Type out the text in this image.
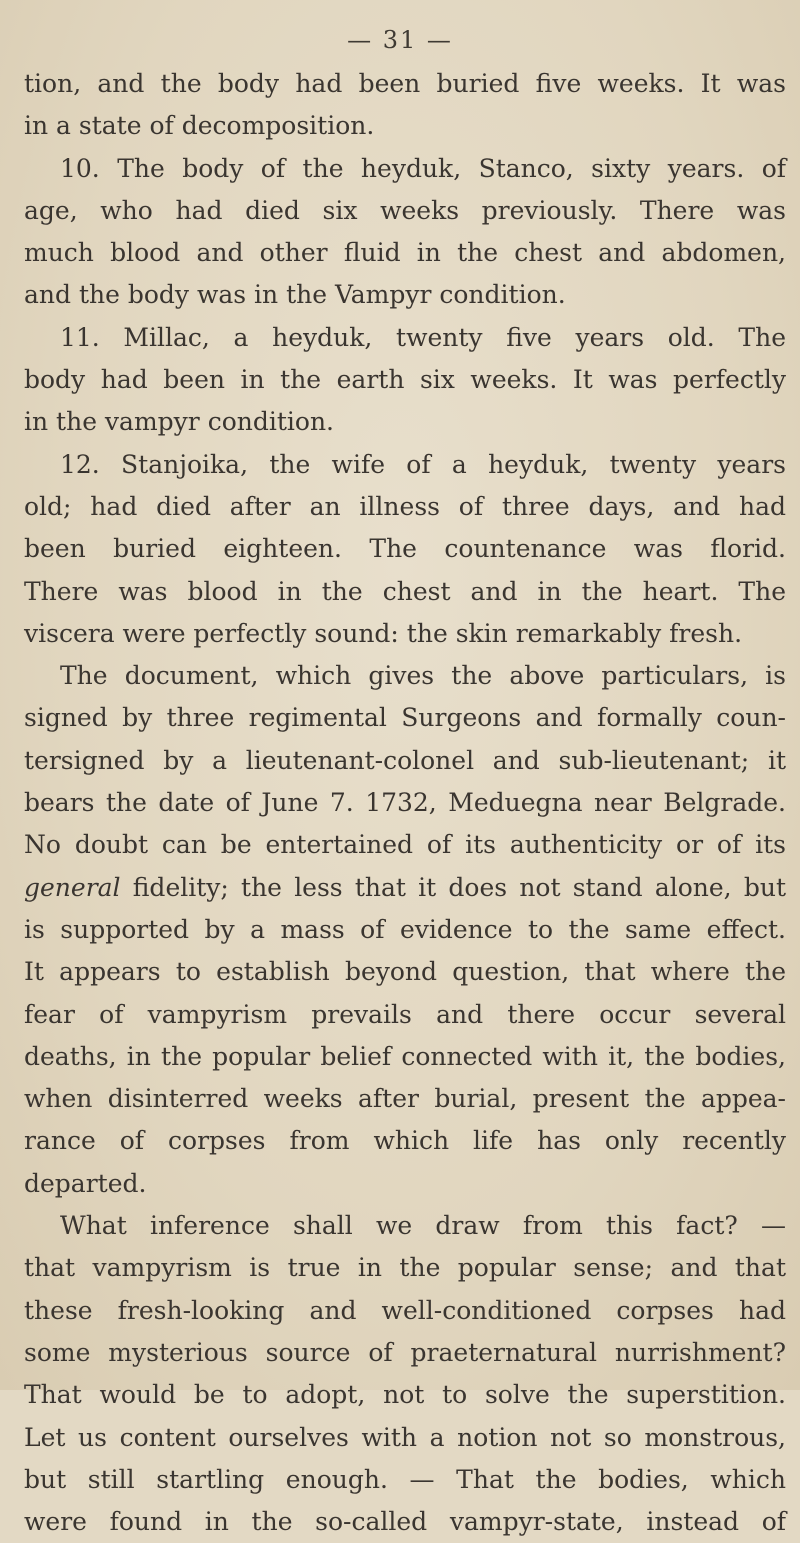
— 31 —
tion, and the body had been buried five weeks. It was
in a state of decomposition.
10. The body of the heyduk, Stanco, sixty years. of
age, who had died six weeks previously. There was
much blood and other fluid in the chest and abdomen,
and the body was in the Vampyr condition.
11. Millac, a heyduk, twenty five years old. The
body had been in the earth six weeks. It was perfectly
in the vampyr condition.
12. Stanjoika, the wife of a heyduk, twenty years
old; had died after an illness of three days, and had
been buried eighteen. The countenance was florid.
There was blood in the chest and in the heart. The
viscera were perfectly sound: the skin remarkably fresh.
The document, which gives the above particulars, is
signed by three regimental Surgeons and formally coun-
tersigned by a lieutenant-colonel and sub-lieutenant; it
bears the date of June 7. 1732, Meduegna near Belgrade.
No doubt can be entertained of its authenticity or of its
general fidelity; the less that it does not stand alone, but
is supported by a mass of evidence to the same effect.
It appears to establish beyond question, that where the
fear of vampyrism prevails and there occur several
deaths, in the popular belief connected with it, the bodies,
when disinterred weeks after burial, present the appea-
rance of corpses from which life has only recently
departed.
What inference shall we draw from this fact? —
that vampyrism is true in the popular sense; and that
these fresh-looking and well-conditioned corpses had
some mysterious source of praeternatural nurrishment?
That would be to adopt, not to solve the superstition.
Let us content ourselves with a notion not so monstrous,
but still startling enough. — That the bodies, which
were found in the so-called vampyr-state, instead of
